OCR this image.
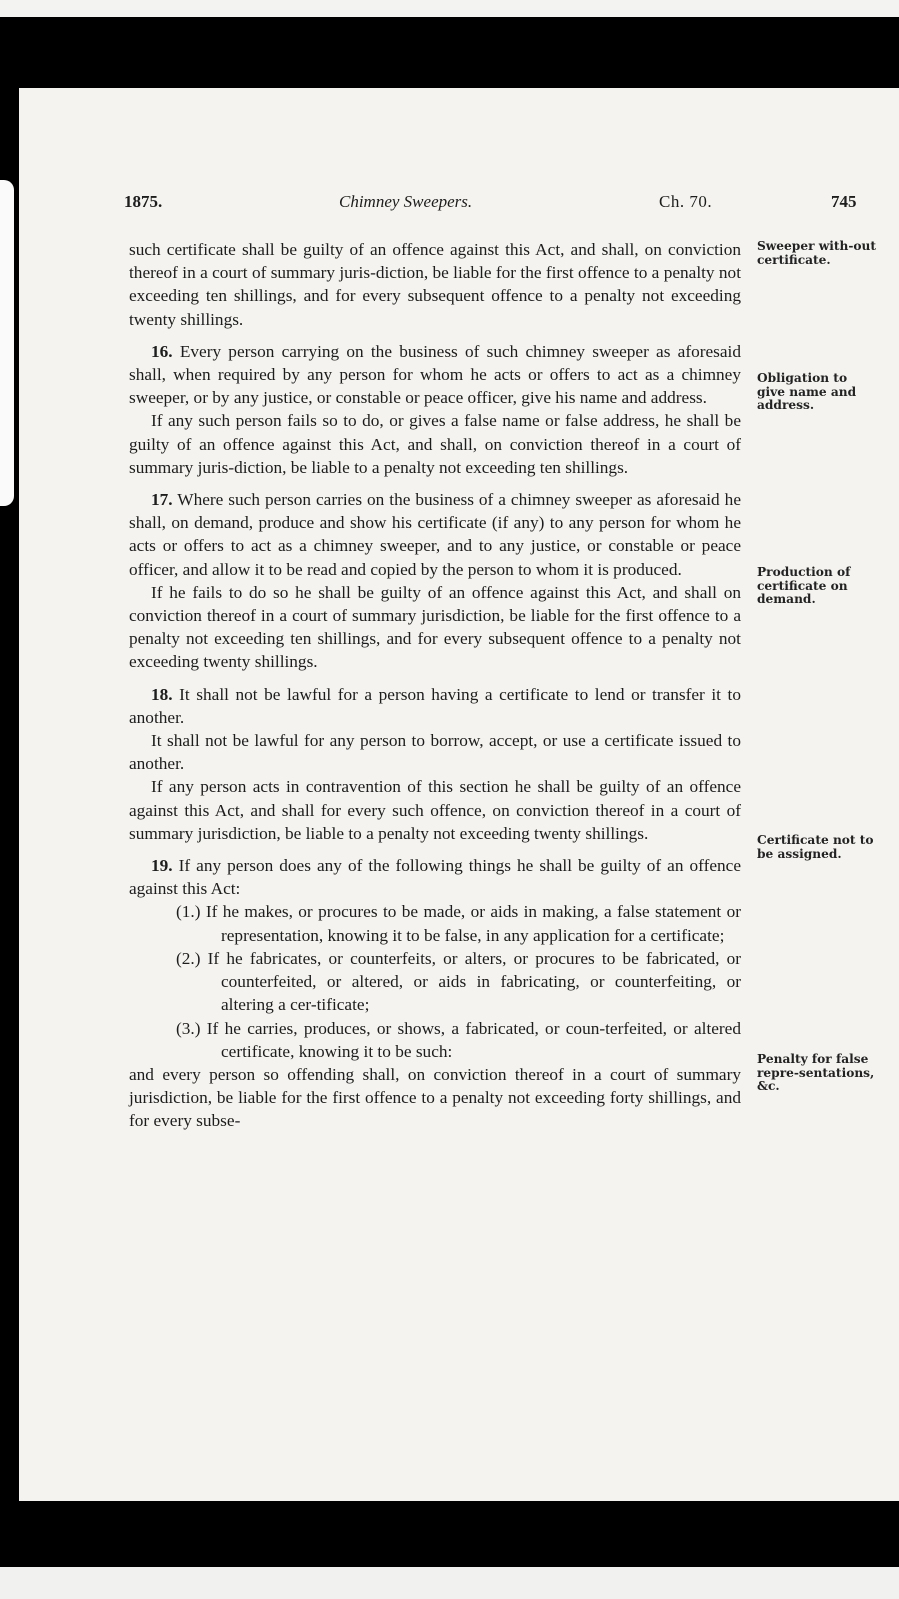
1875.	Chimney Sweepers.	Ch. 70.	745

such certificate shall be guilty of an offence against this Act, and shall, on conviction thereof in a court of summary juris-diction, be liable for the first offence to a penalty not exceeding ten shillings, and for every subsequent offence to a penalty not exceeding twenty shillings.

16. Every person carrying on the business of such chimney sweeper as aforesaid shall, when required by any person for whom he acts or offers to act as a chimney sweeper, or by any justice, or constable or peace officer, give his name and address.

If any such person fails so to do, or gives a false name or false address, he shall be guilty of an offence against this Act, and shall, on conviction thereof in a court of summary juris-diction, be liable to a penalty not exceeding ten shillings.

17. Where such person carries on the business of a chimney sweeper as aforesaid he shall, on demand, produce and show his certificate (if any) to any person for whom he acts or offers to act as a chimney sweeper, and to any justice, or constable or peace officer, and allow it to be read and copied by the person to whom it is produced.

If he fails to do so he shall be guilty of an offence against this Act, and shall on conviction thereof in a court of summary jurisdiction, be liable for the first offence to a penalty not exceeding ten shillings, and for every subsequent offence to a penalty not exceeding twenty shillings.

18. It shall not be lawful for a person having a certificate to lend or transfer it to another.

It shall not be lawful for any person to borrow, accept, or use a certificate issued to another.

If any person acts in contravention of this section he shall be guilty of an offence against this Act, and shall for every such offence, on conviction thereof in a court of summary jurisdiction, be liable to a penalty not exceeding twenty shillings.

19. If any person does any of the following things he shall be guilty of an offence against this Act:

(1.) If he makes, or procures to be made, or aids in making, a false statement or representation, knowing it to be false, in any application for a certificate;

(2.) If he fabricates, or counterfeits, or alters, or procures to be fabricated, or counterfeited, or altered, or aids in fabricating, or counterfeiting, or altering a cer-tificate;

(3.) If he carries, produces, or shows, a fabricated, or coun-terfeited, or altered certificate, knowing it to be such:

and every person so offending shall, on conviction thereof in a court of summary jurisdiction, be liable for the first offence to a penalty not exceeding forty shillings, and for every subse-

Sweeper with-out certificate.
Obligation to give name and address.
Production of certificate on demand.
Certificate not to be assigned.
Penalty for false repre-sentations, &c.
